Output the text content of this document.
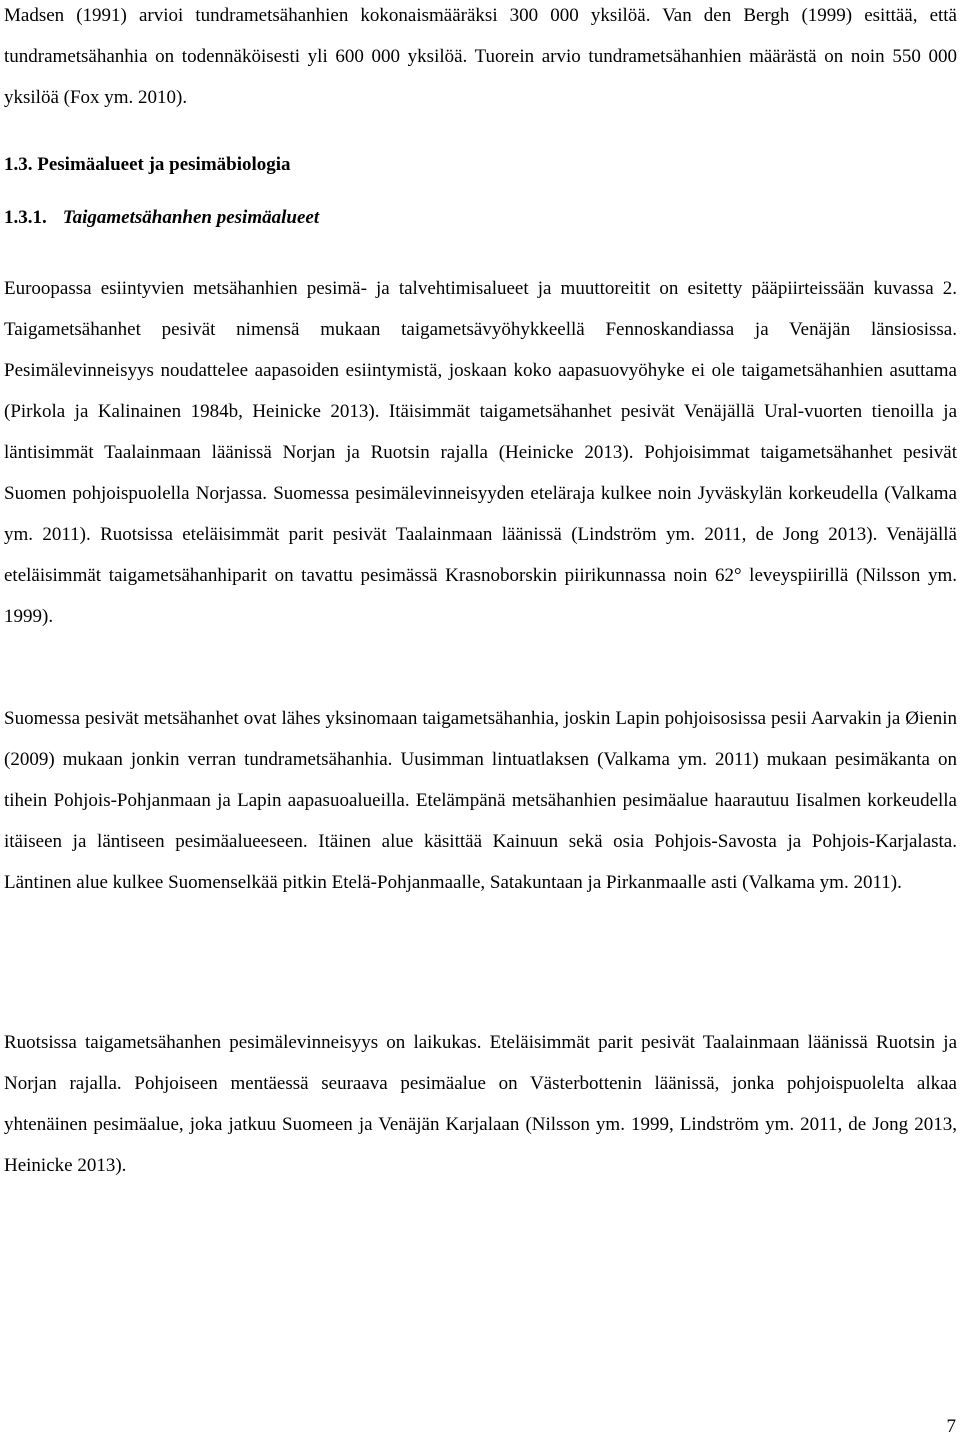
Madsen (1991) arvioi tundrametsähanhien kokonaismääräksi 300 000 yksilöä. Van den Bergh (1999) esittää, että tundrametsähanhia on todennäköisesti yli 600 000 yksilöä. Tuorein arvio tundrametsähanhien määrästä on noin 550 000 yksilöä (Fox ym. 2010).

1.3. Pesimäalueet ja pesimäbiologia
1.3.1. Taigametsähanhen pesimäalueet

Euroopassa esiintyvien metsähanhien pesimä- ja talvehtimisalueet ja muuttoreitit on esitetty pääpiirteissään kuvassa 2. Taigametsähanhet pesivät nimensä mukaan taigametsävyöhykkeellä Fennoskandiassa ja Venäjän länsiosissa. Pesimälevinneisyys noudattelee aapasoiden esiintymistä, joskaan koko aapasuovyöhyke ei ole taigametsähanhien asuttama (Pirkola ja Kalinainen 1984b, Heinicke 2013). Itäisimmät taigametsähanhet pesivät Venäjällä Ural-vuorten tienoilla ja läntisimmät Taalainmaan läänissä Norjan ja Ruotsin rajalla (Heinicke 2013). Pohjoisimmat taigametsähanhet pesivät Suomen pohjoispuolella Norjassa. Suomessa pesimälevinneisyyden eteläraja kulkee noin Jyväskylän korkeudella (Valkama ym. 2011). Ruotsissa eteläisimmät parit pesivät Taalainmaan läänissä (Lindström ym. 2011, de Jong 2013). Venäjällä eteläisimmät taigametsähanhiparit on tavattu pesimässä Krasnoborskin piirikunnassa noin 62° leveyspiirillä (Nilsson ym. 1999).

Suomessa pesivät metsähanhet ovat lähes yksinomaan taigametsähanhia, joskin Lapin pohjoisosissa pesii Aarvakin ja Øienin (2009) mukaan jonkin verran tundrametsähanhia. Uusimman lintuatlaksen (Valkama ym. 2011) mukaan pesimäkanta on tihein Pohjois-Pohjanmaan ja Lapin aapasuoalueilla. Etelämpänä metsähanhien pesimäalue haarautuu Iisalmen korkeudella itäiseen ja läntiseen pesimäalueeseen. Itäinen alue käsittää Kainuun sekä osia Pohjois-Savosta ja Pohjois-Karjalasta. Läntinen alue kulkee Suomenselkää pitkin Etelä-Pohjanmaalle, Satakuntaan ja Pirkanmaalle asti (Valkama ym. 2011).

Ruotsissa taigametsähanhen pesimälevinneisyys on laikukas. Eteläisimmät parit pesivät Taalainmaan läänissä Ruotsin ja Norjan rajalla. Pohjoiseen mentäessä seuraava pesimäalue on Västerbottenin läänissä, jonka pohjoispuolelta alkaa yhtenäinen pesimäalue, joka jatkuu Suomeen ja Venäjän Karjalaan (Nilsson ym. 1999, Lindström ym. 2011, de Jong 2013, Heinicke 2013).

7
